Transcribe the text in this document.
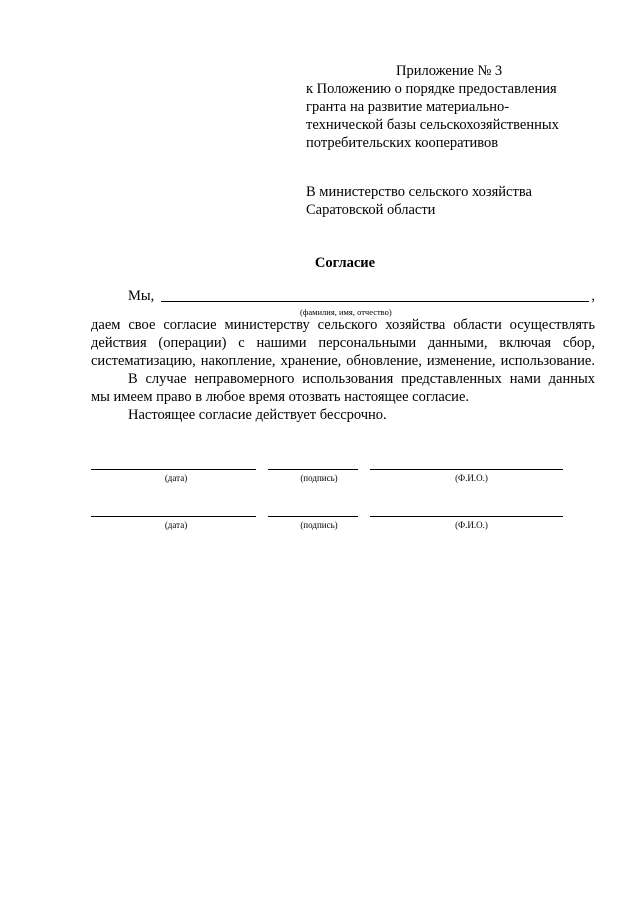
Приложение № 3
к Положению о порядке предоставления
гранта на развитие материально-
технической базы сельскохозяйственных
потребительских кооперативов
В министерство сельского хозяйства
Саратовской области
Согласие
Мы,	,
(фамилия, имя, отчество)

даем свое согласие министерству сельского хозяйства области осуществлять

действия (операции) с нашими персональными данными, включая сбор,

систематизацию, накопление, хранение, обновление, изменение, использование.

В случае неправомерного использования представленных нами данных

мы имеем право в любое время отозвать настоящее согласие.

Настоящее согласие действует бессрочно.

(дата)	(подпись)	(Ф.И.О.)
(дата)	(подпись)	(Ф.И.О.)
